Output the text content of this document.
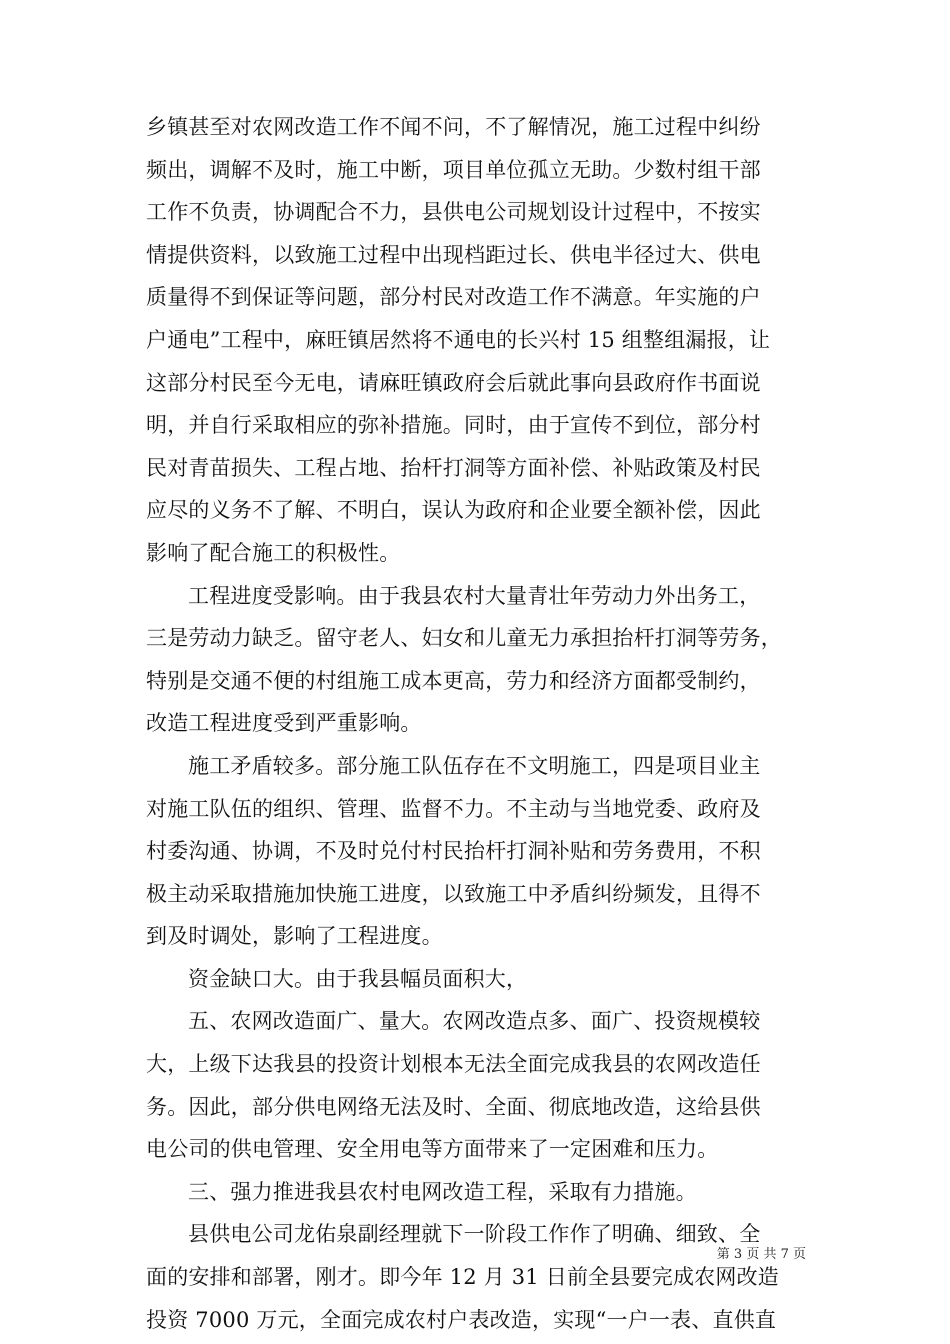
乡镇甚至对农网改造工作不闻不问，不了解情况，施工过程中纠纷
频出，调解不及时，施工中断，项目单位孤立无助。少数村组干部
工作不负责，协调配合不力，县供电公司规划设计过程中，不按实
情提供资料，以致施工过程中出现档距过长、供电半径过大、供电
质量得不到保证等问题，部分村民对改造工作不满意。年实施的户
户通电”工程中，麻旺镇居然将不通电的长兴村 15 组整组漏报，让
这部分村民至今无电，请麻旺镇政府会后就此事向县政府作书面说
明，并自行采取相应的弥补措施。同时，由于宣传不到位，部分村
民对青苗损失、工程占地、抬杆打洞等方面补偿、补贴政策及村民
应尽的义务不了解、不明白，误认为政府和企业要全额补偿，因此
影响了配合施工的积极性。
工程进度受影响。由于我县农村大量青壮年劳动力外出务工，
三是劳动力缺乏。留守老人、妇女和儿童无力承担抬杆打洞等劳务，
特别是交通不便的村组施工成本更高，劳力和经济方面都受制约，
改造工程进度受到严重影响。
施工矛盾较多。部分施工队伍存在不文明施工，四是项目业主
对施工队伍的组织、管理、监督不力。不主动与当地党委、政府及
村委沟通、协调，不及时兑付村民抬杆打洞补贴和劳务费用，不积
极主动采取措施加快施工进度，以致施工中矛盾纠纷频发，且得不
到及时调处，影响了工程进度。
资金缺口大。由于我县幅员面积大，
五、农网改造面广、量大。农网改造点多、面广、投资规模较
大，上级下达我县的投资计划根本无法全面完成我县的农网改造任
务。因此，部分供电网络无法及时、全面、彻底地改造，这给县供
电公司的供电管理、安全用电等方面带来了一定困难和压力。
三、强力推进我县农村电网改造工程，采取有力措施。
县供电公司龙佑泉副经理就下一阶段工作作了明确、细致、全
面的安排和部署，刚才。即今年 12 月 31 日前全县要完成农网改造
投资 7000 万元，全面完成农村户表改造，实现“一户一表、直供直
第 3 页 共 7 页
